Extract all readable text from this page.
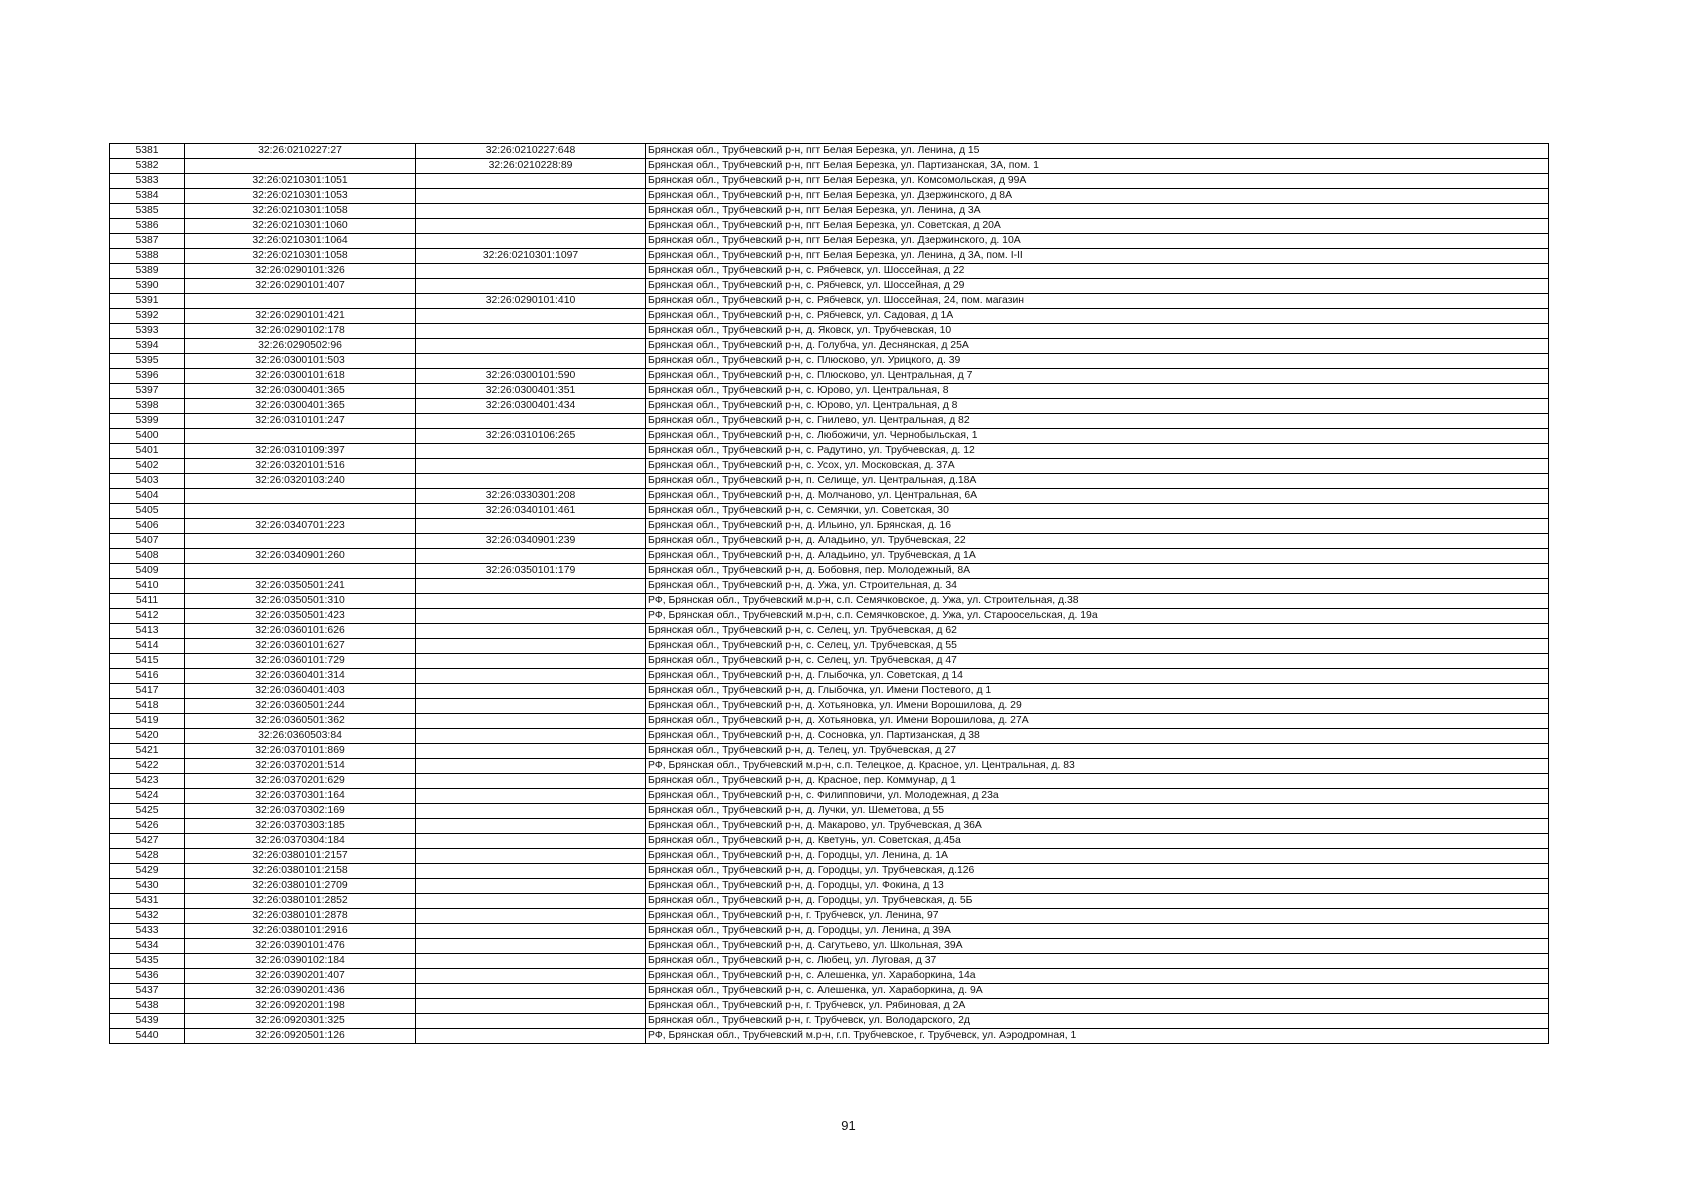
5381	32:26:0210227:27	32:26:0210227:648	Брянская обл., Трубчевский р-н, пгт Белая Березка, ул. Ленина, д 15
5382		32:26:0210228:89	Брянская обл., Трубчевский р-н, пгт Белая Березка, ул. Партизанская, 3А, пом. 1
5383	32:26:0210301:1051		Брянская обл., Трубчевский р-н, пгт Белая Березка, ул. Комсомольская, д 99А
5384	32:26:0210301:1053		Брянская обл., Трубчевский р-н, пгт Белая Березка, ул. Дзержинского, д 8А
5385	32:26:0210301:1058		Брянская обл., Трубчевский р-н, пгт Белая Березка, ул. Ленина, д 3А
5386	32:26:0210301:1060		Брянская обл., Трубчевский р-н, пгт Белая Березка, ул. Советская, д 20А
5387	32:26:0210301:1064		Брянская обл., Трубчевский р-н, пгт Белая Березка, ул. Дзержинского, д. 10А
5388	32:26:0210301:1058	32:26:0210301:1097	Брянская обл., Трубчевский р-н, пгт Белая Березка, ул. Ленина, д 3А, пом. I-II
5389	32:26:0290101:326		Брянская обл., Трубчевский р-н, с. Рябчевск, ул. Шоссейная, д 22
5390	32:26:0290101:407		Брянская обл., Трубчевский р-н, с. Рябчевск, ул. Шоссейная, д 29
5391		32:26:0290101:410	Брянская обл., Трубчевский р-н, с. Рябчевск, ул. Шоссейная, 24, пом. магазин
5392	32:26:0290101:421		Брянская обл., Трубчевский р-н, с. Рябчевск, ул. Садовая, д 1А
5393	32:26:0290102:178		Брянская обл., Трубчевский р-н, д. Яковск, ул. Трубчевская, 10
5394	32:26:0290502:96		Брянская обл., Трубчевский р-н, д. Голубча, ул. Деснянская, д 25А
5395	32:26:0300101:503		Брянская обл., Трубчевский р-н, с. Плюсково, ул. Урицкого, д. 39
5396	32:26:0300101:618	32:26:0300101:590	Брянская обл., Трубчевский р-н, с. Плюсково, ул. Центральная, д 7
5397	32:26:0300401:365	32:26:0300401:351	Брянская обл., Трубчевский р-н, с. Юрово, ул. Центральная, 8
5398	32:26:0300401:365	32:26:0300401:434	Брянская обл., Трубчевский р-н, с. Юрово, ул. Центральная, д 8
5399	32:26:0310101:247		Брянская обл., Трубчевский р-н, с. Гнилево, ул. Центральная, д 82
5400		32:26:0310106:265	Брянская обл., Трубчевский р-н, с. Любожичи, ул. Чернобыльская, 1
5401	32:26:0310109:397		Брянская обл., Трубчевский р-н, с. Радутино, ул. Трубчевская, д. 12
5402	32:26:0320101:516		Брянская обл., Трубчевский р-н, с. Усох, ул. Московская, д. 37А
5403	32:26:0320103:240		Брянская обл., Трубчевский р-н, п. Селище, ул. Центральная, д.18А
5404		32:26:0330301:208	Брянская обл., Трубчевский р-н, д. Молчаново, ул. Центральная, 6А
5405		32:26:0340101:461	Брянская обл., Трубчевский р-н, с. Семячки, ул. Советская, 30
5406	32:26:0340701:223		Брянская обл., Трубчевский р-н, д. Ильино, ул. Брянская, д. 16
5407		32:26:0340901:239	Брянская обл., Трубчевский р-н, д. Аладьино, ул. Трубчевская, 22
5408	32:26:0340901:260		Брянская обл., Трубчевский р-н, д. Аладьино, ул. Трубчевская, д 1А
5409		32:26:0350101:179	Брянская обл., Трубчевский р-н, д. Бобовня, пер. Молодежный, 8А
5410	32:26:0350501:241		Брянская обл., Трубчевский р-н, д. Ужа, ул. Строительная, д. 34
5411	32:26:0350501:310		РФ, Брянская обл., Трубчевский м.р-н, с.п. Семячковское, д. Ужа, ул. Строительная, д.38
5412	32:26:0350501:423		РФ, Брянская обл., Трубчевский м.р-н, с.п. Семячковское, д. Ужа, ул. Староосельская, д. 19а
5413	32:26:0360101:626		Брянская обл., Трубчевский р-н, с. Селец, ул. Трубчевская, д 62
5414	32:26:0360101:627		Брянская обл., Трубчевский р-н, с. Селец, ул. Трубчевская, д 55
5415	32:26:0360101:729		Брянская обл., Трубчевский р-н, с. Селец, ул. Трубчевская, д 47
5416	32:26:0360401:314		Брянская обл., Трубчевский р-н, д. Глыбочка, ул. Советская, д 14
5417	32:26:0360401:403		Брянская обл., Трубчевский р-н, д. Глыбочка, ул. Имени Постевого, д 1
5418	32:26:0360501:244		Брянская обл., Трубчевский р-н, д. Хотьяновка, ул. Имени Ворошилова, д. 29
5419	32:26:0360501:362		Брянская обл., Трубчевский р-н, д. Хотьяновка, ул. Имени Ворошилова, д. 27А
5420	32:26:0360503:84		Брянская обл., Трубчевский р-н, д. Сосновка, ул. Партизанская, д 38
5421	32:26:0370101:869		Брянская обл., Трубчевский р-н, д. Телец, ул. Трубчевская, д 27
5422	32:26:0370201:514		РФ, Брянская обл., Трубчевский м.р-н, с.п. Телецкое, д. Красное, ул. Центральная, д. 83
5423	32:26:0370201:629		Брянская обл., Трубчевский р-н, д. Красное, пер. Коммунар, д 1
5424	32:26:0370301:164		Брянская обл., Трубчевский р-н, с. Филипповичи, ул. Молодежная, д 23а
5425	32:26:0370302:169		Брянская обл., Трубчевский р-н, д. Лучки, ул. Шеметова, д 55
5426	32:26:0370303:185		Брянская обл., Трубчевский р-н, д. Макарово, ул. Трубчевская, д 36А
5427	32:26:0370304:184		Брянская обл., Трубчевский р-н, д. Кветунь, ул. Советская, д.45а
5428	32:26:0380101:2157		Брянская обл., Трубчевский р-н, д. Городцы, ул. Ленина, д. 1А
5429	32:26:0380101:2158		Брянская обл., Трубчевский р-н, д. Городцы, ул. Трубчевская, д.126
5430	32:26:0380101:2709		Брянская обл., Трубчевский р-н, д. Городцы, ул. Фокина, д 13
5431	32:26:0380101:2852		Брянская обл., Трубчевский р-н, д. Городцы, ул. Трубчевская, д. 5Б
5432	32:26:0380101:2878		Брянская обл., Трубчевский р-н, г. Трубчевск, ул. Ленина, 97
5433	32:26:0380101:2916		Брянская обл., Трубчевский р-н, д. Городцы, ул. Ленина, д 39А
5434	32:26:0390101:476		Брянская обл., Трубчевский р-н, д. Сагутьево, ул. Школьная, 39А
5435	32:26:0390102:184		Брянская обл., Трубчевский р-н, с. Любец, ул. Луговая, д 37
5436	32:26:0390201:407		Брянская обл., Трубчевский р-н, с. Алешенка, ул. Хараборкина, 14а
5437	32:26:0390201:436		Брянская обл., Трубчевский р-н, с. Алешенка, ул. Хараборкина, д. 9А
5438	32:26:0920201:198		Брянская обл., Трубчевский р-н, г. Трубчевск, ул. Рябиновая, д 2А
5439	32:26:0920301:325		Брянская обл., Трубчевский р-н, г. Трубчевск, ул. Володарского, 2д
5440	32:26:0920501:126		РФ, Брянская обл., Трубчевский м.р-н, г.п. Трубчевское, г. Трубчевск, ул. Аэродромная, 1
91
